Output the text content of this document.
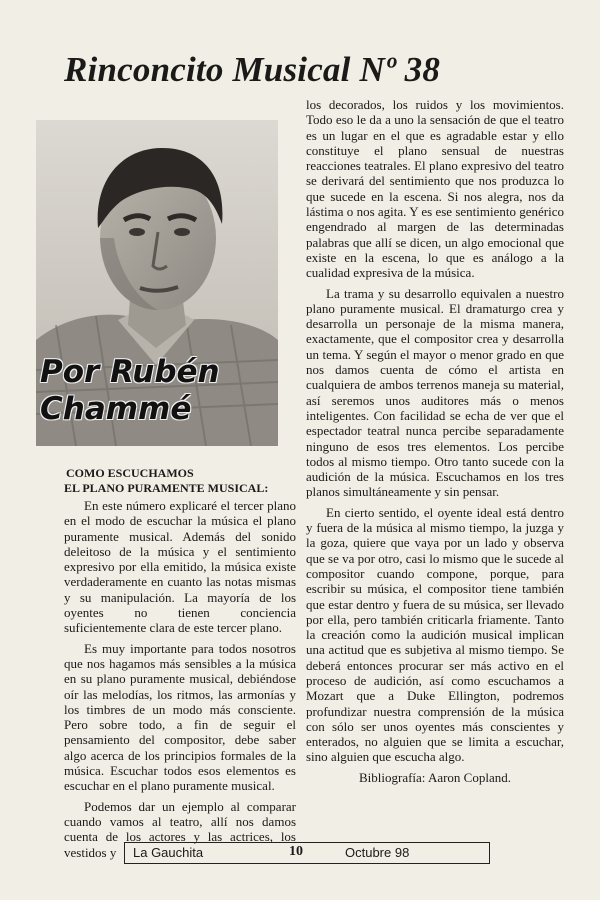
Rinconcito Musical Nº 38
Por Rubén
Chammé
COMO ESCUCHAMOS
EL PLANO PURAMENTE MUSICAL:

En este número explicaré el tercer plano en el modo de escuchar la música el plano puramente musical. Además del sonido deleitoso de la música y el sentimiento expresivo por ella emitido, la música existe verdaderamente en cuanto las notas mismas y su manipulación. La mayoría de los oyentes no tienen conciencia suficientemente clara de este tercer plano.

Es muy importante para todos nosotros que nos hagamos más sensibles a la música en su plano puramente musical, debiéndose oír las melodías, los ritmos, las armonías y los timbres de un modo más consciente. Pero sobre todo, a fin de seguir el pensamiento del compositor, debe saber algo acerca de los principios formales de la música. Escuchar todos esos elementos es escuchar en el plano puramente musical.

Podemos dar un ejemplo al comparar cuando vamos al teatro, allí nos damos cuenta de los actores y las actrices, los vestidos y

los decorados, los ruidos y los movimientos. Todo eso le da a uno la sensación de que el teatro es un lugar en el que es agradable estar y ello constituye el plano sensual de nuestras reacciones teatrales. El plano expresivo del teatro se derivará del sentimiento que nos produzca lo que sucede en la escena. Si nos alegra, nos da lástima o nos agita. Y es ese sentimiento genérico engendrado al margen de las determinadas palabras que allí se dicen, un algo emocional que existe en la escena, lo que es análogo a la cualidad expresiva de la música.

La trama y su desarrollo equivalen a nuestro plano puramente musical. El dramaturgo crea y desarrolla un personaje de la misma manera, exactamente, que el compositor crea y desarrolla un tema. Y según el mayor o menor grado en que nos damos cuenta de cómo el artista en cualquiera de ambos terrenos maneja su material, así seremos unos auditores más o menos inteligentes. Con facilidad se echa de ver que el espectador teatral nunca percibe separadamente ninguno de esos tres elementos. Los percibe todos al mismo tiempo. Otro tanto sucede con la audición de la música. Escuchamos en los tres planos simultáneamente y sin pensar.

En cierto sentido, el oyente ideal está dentro y fuera de la música al mismo tiempo, la juzga y la goza, quiere que vaya por un lado y observa que se va por otro, casi lo mismo que le sucede al compositor cuando compone, porque, para escribir su música, el compositor tiene también que estar dentro y fuera de su música, ser llevado por ella, pero también criticarla friamente. Tanto la creación como la audición musical implican una actitud que es subjetiva al mismo tiempo. Se deberá entonces procurar ser más activo en el proceso de audición, así como escuchamos a Mozart que a Duke Ellington, podremos profundizar nuestra comprensión de la música con sólo ser unos oyentes más conscientes y enterados, no alguien que se limita a escuchar, sino alguien que escucha algo.

Bibliografía: Aaron Copland.

La Gauchita	10	Octubre 98
